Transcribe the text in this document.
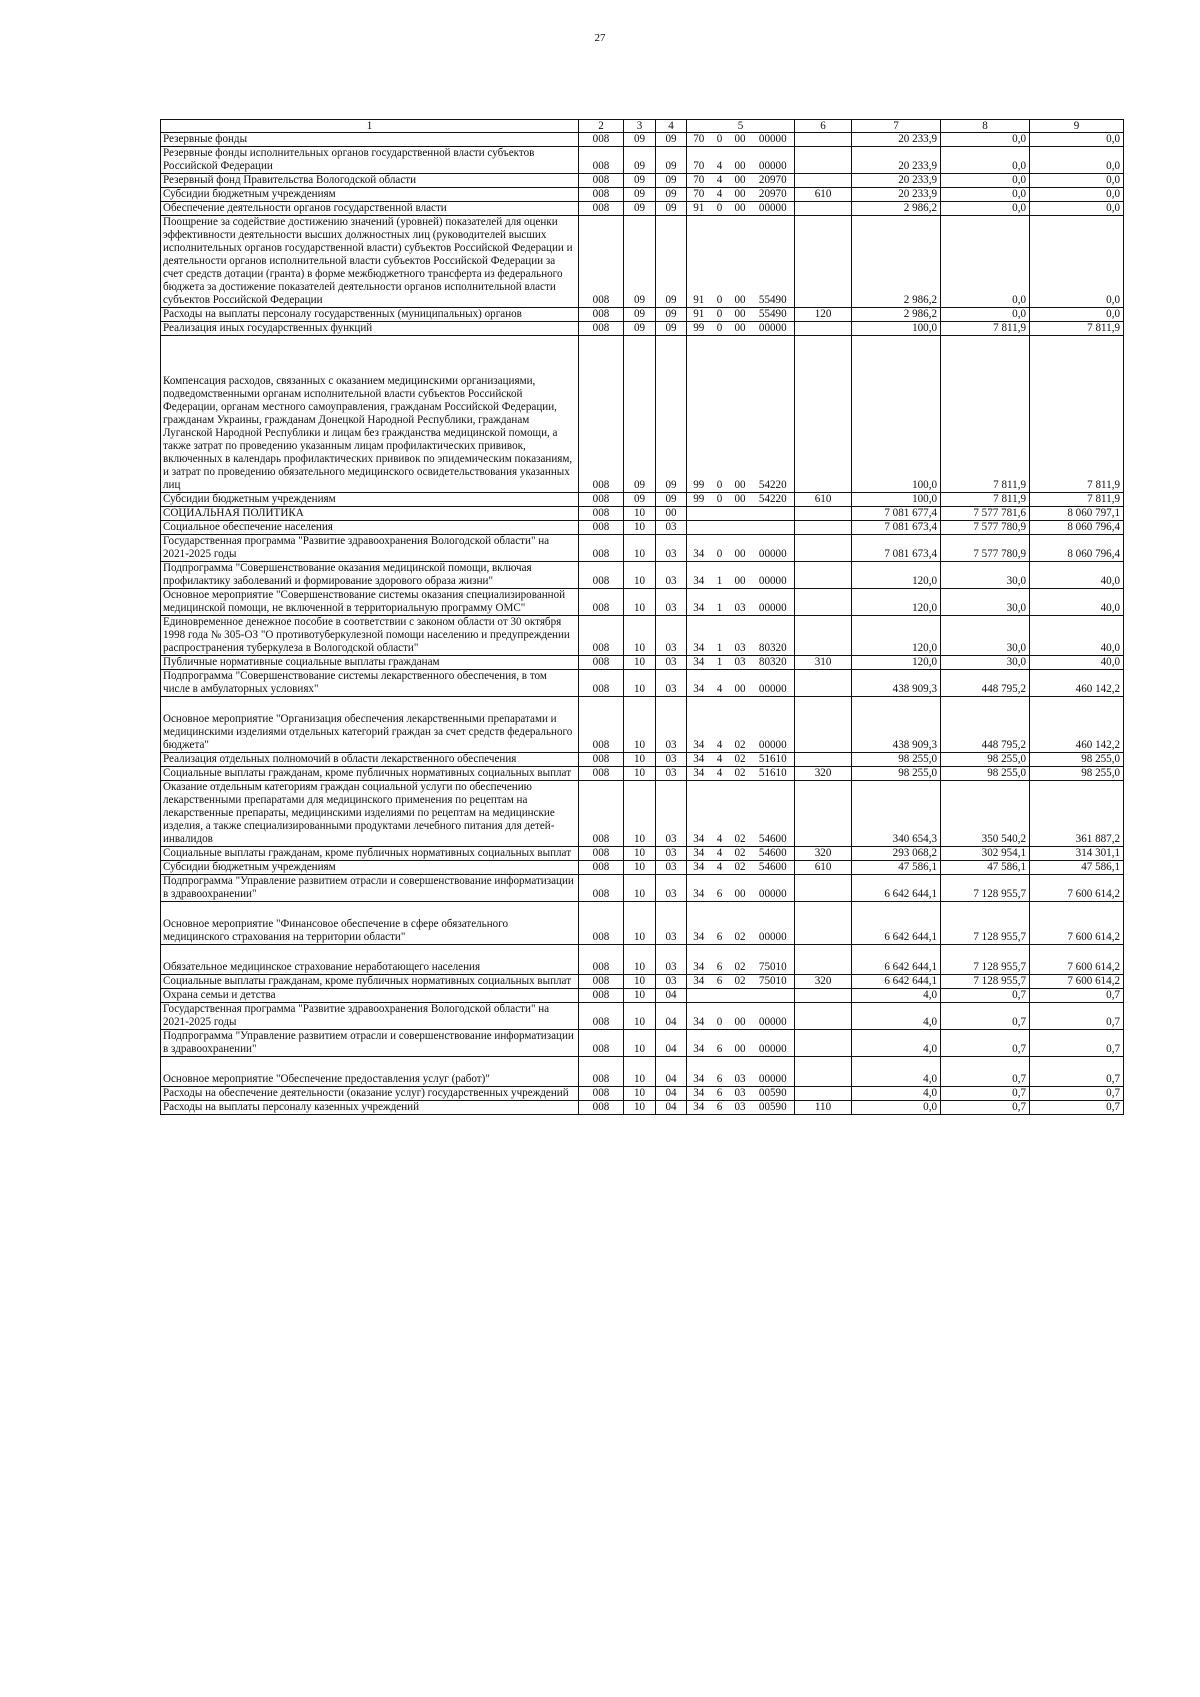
27
1	2	3	4	5				6	7	8	9
Резервные фонды	008	09	09	70	0	00	00000		20 233,9	0,0	0,0
Резервные фонды исполнительных органов государственной власти субъектов Российской Федерации	008	09	09	70	4	00	00000		20 233,9	0,0	0,0
Резервный фонд Правительства Вологодской области	008	09	09	70	4	00	20970		20 233,9	0,0	0,0
Субсидии бюджетным учреждениям	008	09	09	70	4	00	20970	610	20 233,9	0,0	0,0
Обеспечение деятельности органов государственной власти	008	09	09	91	0	00	00000		2 986,2	0,0	0,0
Поощрение за содействие достижению значений (уровней) показателей для оценки эффективности деятельности высших должностных лиц (руководителей высших исполнительных органов государственной власти) субъектов Российской Федерации и деятельности органов исполнительной власти субъектов Российской Федерации за счет средств дотации (гранта) в форме межбюджетного трансферта из федерального бюджета за достижение показателей деятельности органов исполнительной власти субъектов Российской Федерации	008	09	09	91	0	00	55490		2 986,2	0,0	0,0
Расходы на выплаты персоналу государственных (муниципальных) органов	008	09	09	91	0	00	55490	120	2 986,2	0,0	0,0
Реализация иных государственных функций	008	09	09	99	0	00	00000		100,0	7 811,9	7 811,9
Компенсация расходов, связанных с оказанием медицинскими организациями, подведомственными органам исполнительной власти субъектов Российской Федерации, органам местного самоуправления, гражданам Российской Федерации, гражданам Украины, гражданам Донецкой Народной Республики, гражданам Луганской Народной Республики и лицам без гражданства медицинской помощи, а также затрат по проведению указанным лицам профилактических прививок, включенных в календарь профилактических прививок по эпидемическим показаниям, и затрат по проведению обязательного медицинского освидетельствования указанных лиц	008	09	09	99	0	00	54220		100,0	7 811,9	7 811,9
Субсидии бюджетным учреждениям	008	09	09	99	0	00	54220	610	100,0	7 811,9	7 811,9
СОЦИАЛЬНАЯ ПОЛИТИКА	008	10	00						7 081 677,4	7 577 781,6	8 060 797,1
Социальное обеспечение населения	008	10	03						7 081 673,4	7 577 780,9	8 060 796,4
Государственная программа "Развитие здравоохранения Вологодской области" на 2021-2025 годы	008	10	03	34	0	00	00000		7 081 673,4	7 577 780,9	8 060 796,4
Подпрограмма "Совершенствование оказания медицинской помощи, включая профилактику заболеваний и формирование здорового образа жизни"	008	10	03	34	1	00	00000		120,0	30,0	40,0
Основное мероприятие "Совершенствование системы оказания специализированной медицинской помощи, не включенной в территориальную программу ОМС"	008	10	03	34	1	03	00000		120,0	30,0	40,0
Единовременное денежное пособие в соответствии с законом области от 30 октября 1998 года № 305-ОЗ "О противотуберкулезной помощи населению и предупреждении распространения туберкулеза в Вологодской области"	008	10	03	34	1	03	80320		120,0	30,0	40,0
Публичные нормативные социальные выплаты гражданам	008	10	03	34	1	03	80320	310	120,0	30,0	40,0
Подпрограмма "Совершенствование системы лекарственного обеспечения, в том числе в амбулаторных условиях"	008	10	03	34	4	00	00000		438 909,3	448 795,2	460 142,2
Основное мероприятие "Организация обеспечения лекарственными препаратами и медицинскими изделиями отдельных категорий граждан за счет средств федерального бюджета"	008	10	03	34	4	02	00000		438 909,3	448 795,2	460 142,2
Реализация отдельных полномочий в области лекарственного обеспечения	008	10	03	34	4	02	51610		98 255,0	98 255,0	98 255,0
Социальные выплаты гражданам, кроме публичных нормативных социальных выплат	008	10	03	34	4	02	51610	320	98 255,0	98 255,0	98 255,0
Оказание отдельным категориям граждан социальной услуги по обеспечению лекарственными препаратами для медицинского применения по рецептам на лекарственные препараты, медицинскими изделиями по рецептам на медицинские изделия, а также специализированными продуктами лечебного питания для детей-инвалидов	008	10	03	34	4	02	54600		340 654,3	350 540,2	361 887,2
Социальные выплаты гражданам, кроме публичных нормативных социальных выплат	008	10	03	34	4	02	54600	320	293 068,2	302 954,1	314 301,1
Субсидии бюджетным учреждениям	008	10	03	34	4	02	54600	610	47 586,1	47 586,1	47 586,1
Подпрограмма "Управление развитием отрасли и совершенствование информатизации в здравоохранении"	008	10	03	34	6	00	00000		6 642 644,1	7 128 955,7	7 600 614,2
Основное мероприятие "Финансовое обеспечение в сфере обязательного медицинского страхования на территории области"	008	10	03	34	6	02	00000		6 642 644,1	7 128 955,7	7 600 614,2
Обязательное медицинское страхование неработающего населения	008	10	03	34	6	02	75010		6 642 644,1	7 128 955,7	7 600 614,2
Социальные выплаты гражданам, кроме публичных нормативных социальных выплат	008	10	03	34	6	02	75010	320	6 642 644,1	7 128 955,7	7 600 614,2
Охрана семьи и детства	008	10	04						4,0	0,7	0,7
Государственная программа "Развитие здравоохранения Вологодской области" на 2021-2025 годы	008	10	04	34	0	00	00000		4,0	0,7	0,7
Подпрограмма "Управление развитием отрасли и совершенствование информатизации в здравоохранении"	008	10	04	34	6	00	00000		4,0	0,7	0,7
Основное мероприятие "Обеспечение предоставления услуг (работ)"	008	10	04	34	6	03	00000		4,0	0,7	0,7
Расходы на обеспечение деятельности (оказание услуг) государственных учреждений	008	10	04	34	6	03	00590		4,0	0,7	0,7
Расходы на выплаты персоналу казенных учреждений	008	10	04	34	6	03	00590	110	0,0	0,7	0,7
